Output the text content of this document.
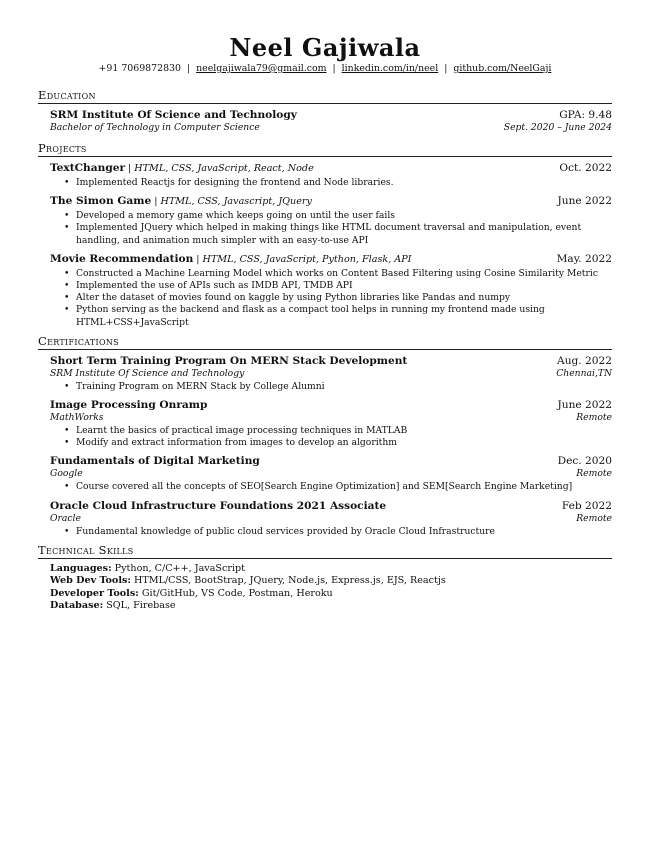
Neel Gajiwala
+91 7069872830 | neelgajiwala79@gmail.com | linkedin.com/in/neel | github.com/NeelGaji
Education
SRM Institute Of Science and Technology	GPA: 9.48
Bachelor of Technology in Computer Science	Sept. 2020 – June 2024
Projects
TextChanger | HTML, CSS, JavaScript, React, Node	Oct. 2022
• Implemented Reactjs for designing the frontend and Node libraries.
The Simon Game | HTML, CSS, Javascript, JQuery	June 2022
• Developed a memory game which keeps going on until the user fails
• Implemented JQuery which helped in making things like HTML document traversal and manipulation, event handling, and animation much simpler with an easy-to-use API
Movie Recommendation | HTML, CSS, JavaScript, Python, Flask, API	May. 2022
• Constructed a Machine Learning Model which works on Content Based Filtering using Cosine Similarity Metric
• Implemented the use of APIs such as IMDB API, TMDB API
• Alter the dataset of movies found on kaggle by using Python libraries like Pandas and numpy
• Python serving as the backend and flask as a compact tool helps in running my frontend made using HTML+CSS+JavaScript
Certifications
Short Term Training Program On MERN Stack Development	Aug. 2022
SRM Institute Of Science and Technology	Chennai,TN
• Training Program on MERN Stack by College Alumni
Image Processing Onramp	June 2022
MathWorks	Remote
• Learnt the basics of practical image processing techniques in MATLAB
• Modify and extract information from images to develop an algorithm
Fundamentals of Digital Marketing	Dec. 2020
Google	Remote
• Course covered all the concepts of SEO[Search Engine Optimization] and SEM[Search Engine Marketing]
Oracle Cloud Infrastructure Foundations 2021 Associate	Feb 2022
Oracle	Remote
• Fundamental knowledge of public cloud services provided by Oracle Cloud Infrastructure
Technical Skills
Languages: Python, C/C++, JavaScript
Web Dev Tools: HTML/CSS, BootStrap, JQuery, Node.js, Express.js, EJS, Reactjs
Developer Tools: Git/GitHub, VS Code, Postman, Heroku
Database: SQL, Firebase
